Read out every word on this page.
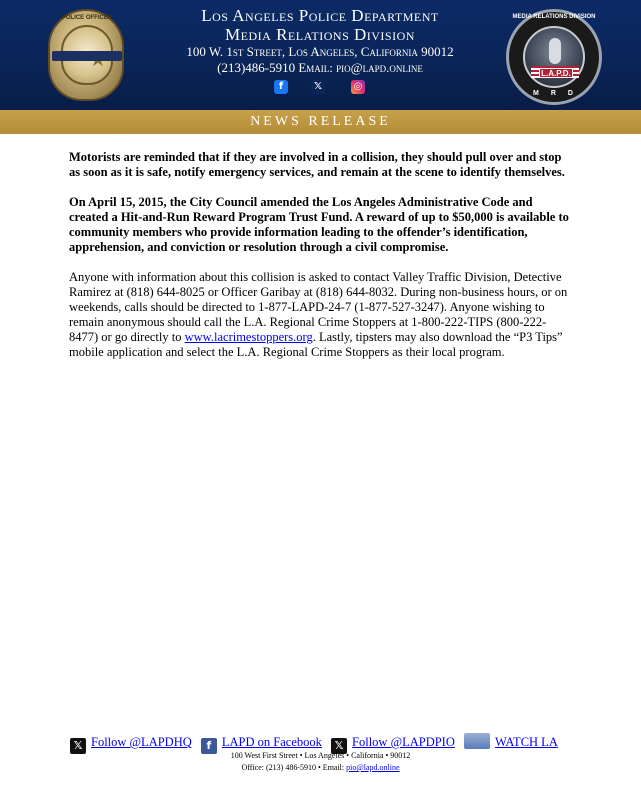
POLICE OFFICER	Los Angeles Police Department
Media Relations Division
100 W. 1st Street, Los Angeles, California 90012
(213)486-5910 Email: pio@lapd.online
f	𝕏	◎
MEDIA RELATIONS DIVISION
L.A.P.D.
MRD
NEWS RELEASE

Motorists are reminded that if they are involved in a collision, they should pull over and stop as soon as it is safe, notify emergency services, and remain at the scene to identify themselves.

On April 15, 2015, the City Council amended the Los Angeles Administrative Code and created a Hit-and-Run Reward Program Trust Fund. A reward of up to $50,000 is available to community members who provide information leading to the offender’s identification, apprehension, and conviction or resolution through a civil compromise.

Anyone with information about this collision is asked to contact Valley Traffic Division, Detective Ramirez at (818) 644-8025 or Officer Garibay at (818) 644-8032. During non-business hours, or on weekends, calls should be directed to 1-877-LAPD-24-7 (1-877-527-3247). Anyone wishing to remain anonymous should call the L.A. Regional Crime Stoppers at 1-800-222-TIPS (800-222-8477) or go directly to www.lacrimestoppers.org. Lastly, tipsters may also download the “P3 Tips” mobile application and select the L.A. Regional Crime Stoppers as their local program.

𝕏 Follow @LAPDHQ f LAPD on Facebook 𝕏 Follow @LAPDPIO	WATCH LA
100 West First Street • Los Angeles • California • 90012
Office: (213) 486-5910 • Email: pio@lapd.online
